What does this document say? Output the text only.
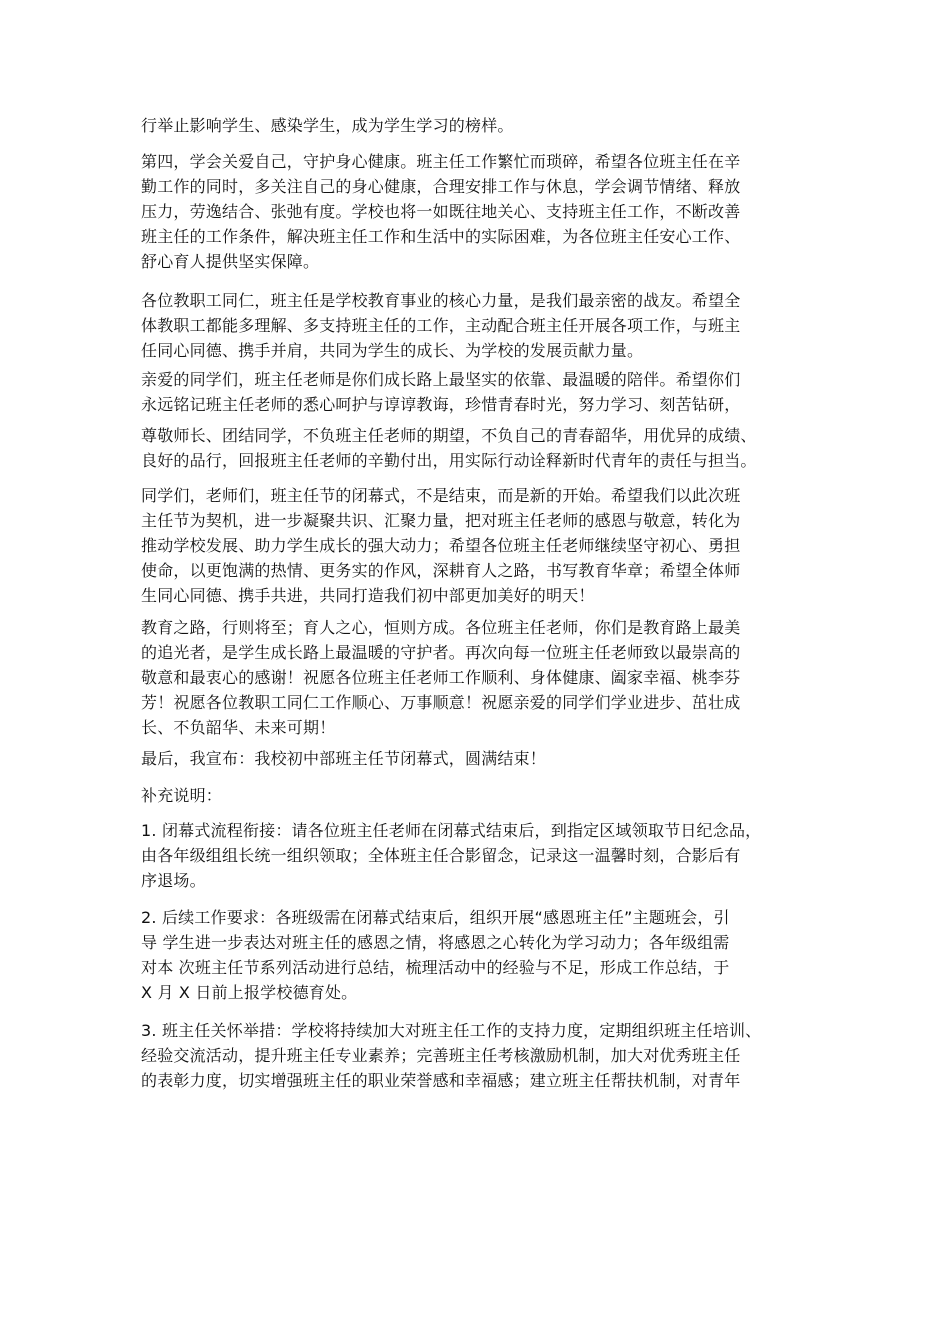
行举止影响学生、感染学生，成为学生学习的榜样。
第四，学会关爱自己，守护身心健康。班主任工作繁忙而琐碎，希望各位班主任在辛
勤工作的同时，多关注自己的身心健康，合理安排工作与休息，学会调节情绪、释放
压力，劳逸结合、张弛有度。学校也将一如既往地关心、支持班主任工作，不断改善
班主任的工作条件，解决班主任工作和生活中的实际困难，为各位班主任安心工作、
舒心育人提供坚实保障。
各位教职工同仁，班主任是学校教育事业的核心力量，是我们最亲密的战友。希望全
体教职工都能多理解、多支持班主任的工作，主动配合班主任开展各项工作，与班主
任同心同德、携手并肩，共同为学生的成长、为学校的发展贡献力量。
亲爱的同学们，班主任老师是你们成长路上最坚实的依靠、最温暖的陪伴。希望你们
永远铭记班主任老师的悉心呵护与谆谆教诲，珍惜青春时光，努力学习、刻苦钻研，
尊敬师长、团结同学，不负班主任老师的期望，不负自己的青春韶华，用优异的成绩、
良好的品行，回报班主任老师的辛勤付出，用实际行动诠释新时代青年的责任与担当。
同学们，老师们，班主任节的闭幕式，不是结束，而是新的开始。希望我们以此次班
主任节为契机，进一步凝聚共识、汇聚力量，把对班主任老师的感恩与敬意，转化为
推动学校发展、助力学生成长的强大动力；希望各位班主任老师继续坚守初心、勇担
使命，以更饱满的热情、更务实的作风，深耕育人之路，书写教育华章；希望全体师
生同心同德、携手共进，共同打造我们初中部更加美好的明天！
教育之路，行则将至；育人之心，恒则方成。各位班主任老师，你们是教育路上最美
的追光者，是学生成长路上最温暖的守护者。再次向每一位班主任老师致以最崇高的
敬意和最衷心的感谢！祝愿各位班主任老师工作顺利、身体健康、阖家幸福、桃李芬
芳！祝愿各位教职工同仁工作顺心、万事顺意！祝愿亲爱的同学们学业进步、茁壮成
长、不负韶华、未来可期！
最后，我宣布：我校初中部班主任节闭幕式，圆满结束！
补充说明：
1. 闭幕式流程衔接：请各位班主任老师在闭幕式结束后，到指定区域领取节日纪念品，
由各年级组组长统一组织领取；全体班主任合影留念，记录这一温馨时刻，合影后有
序退场。
2. 后续工作要求：各班级需在闭幕式结束后，组织开展“感恩班主任”主题班会，引
导 学生进一步表达对班主任的感恩之情，将感恩之心转化为学习动力；各年级组需
对本 次班主任节系列活动进行总结，梳理活动中的经验与不足，形成工作总结，于
X 月 X 日前上报学校德育处。
3. 班主任关怀举措：学校将持续加大对班主任工作的支持力度，定期组织班主任培训、
经验交流活动，提升班主任专业素养；完善班主任考核激励机制，加大对优秀班主任
的表彰力度，切实增强班主任的职业荣誉感和幸福感；建立班主任帮扶机制，对青年
